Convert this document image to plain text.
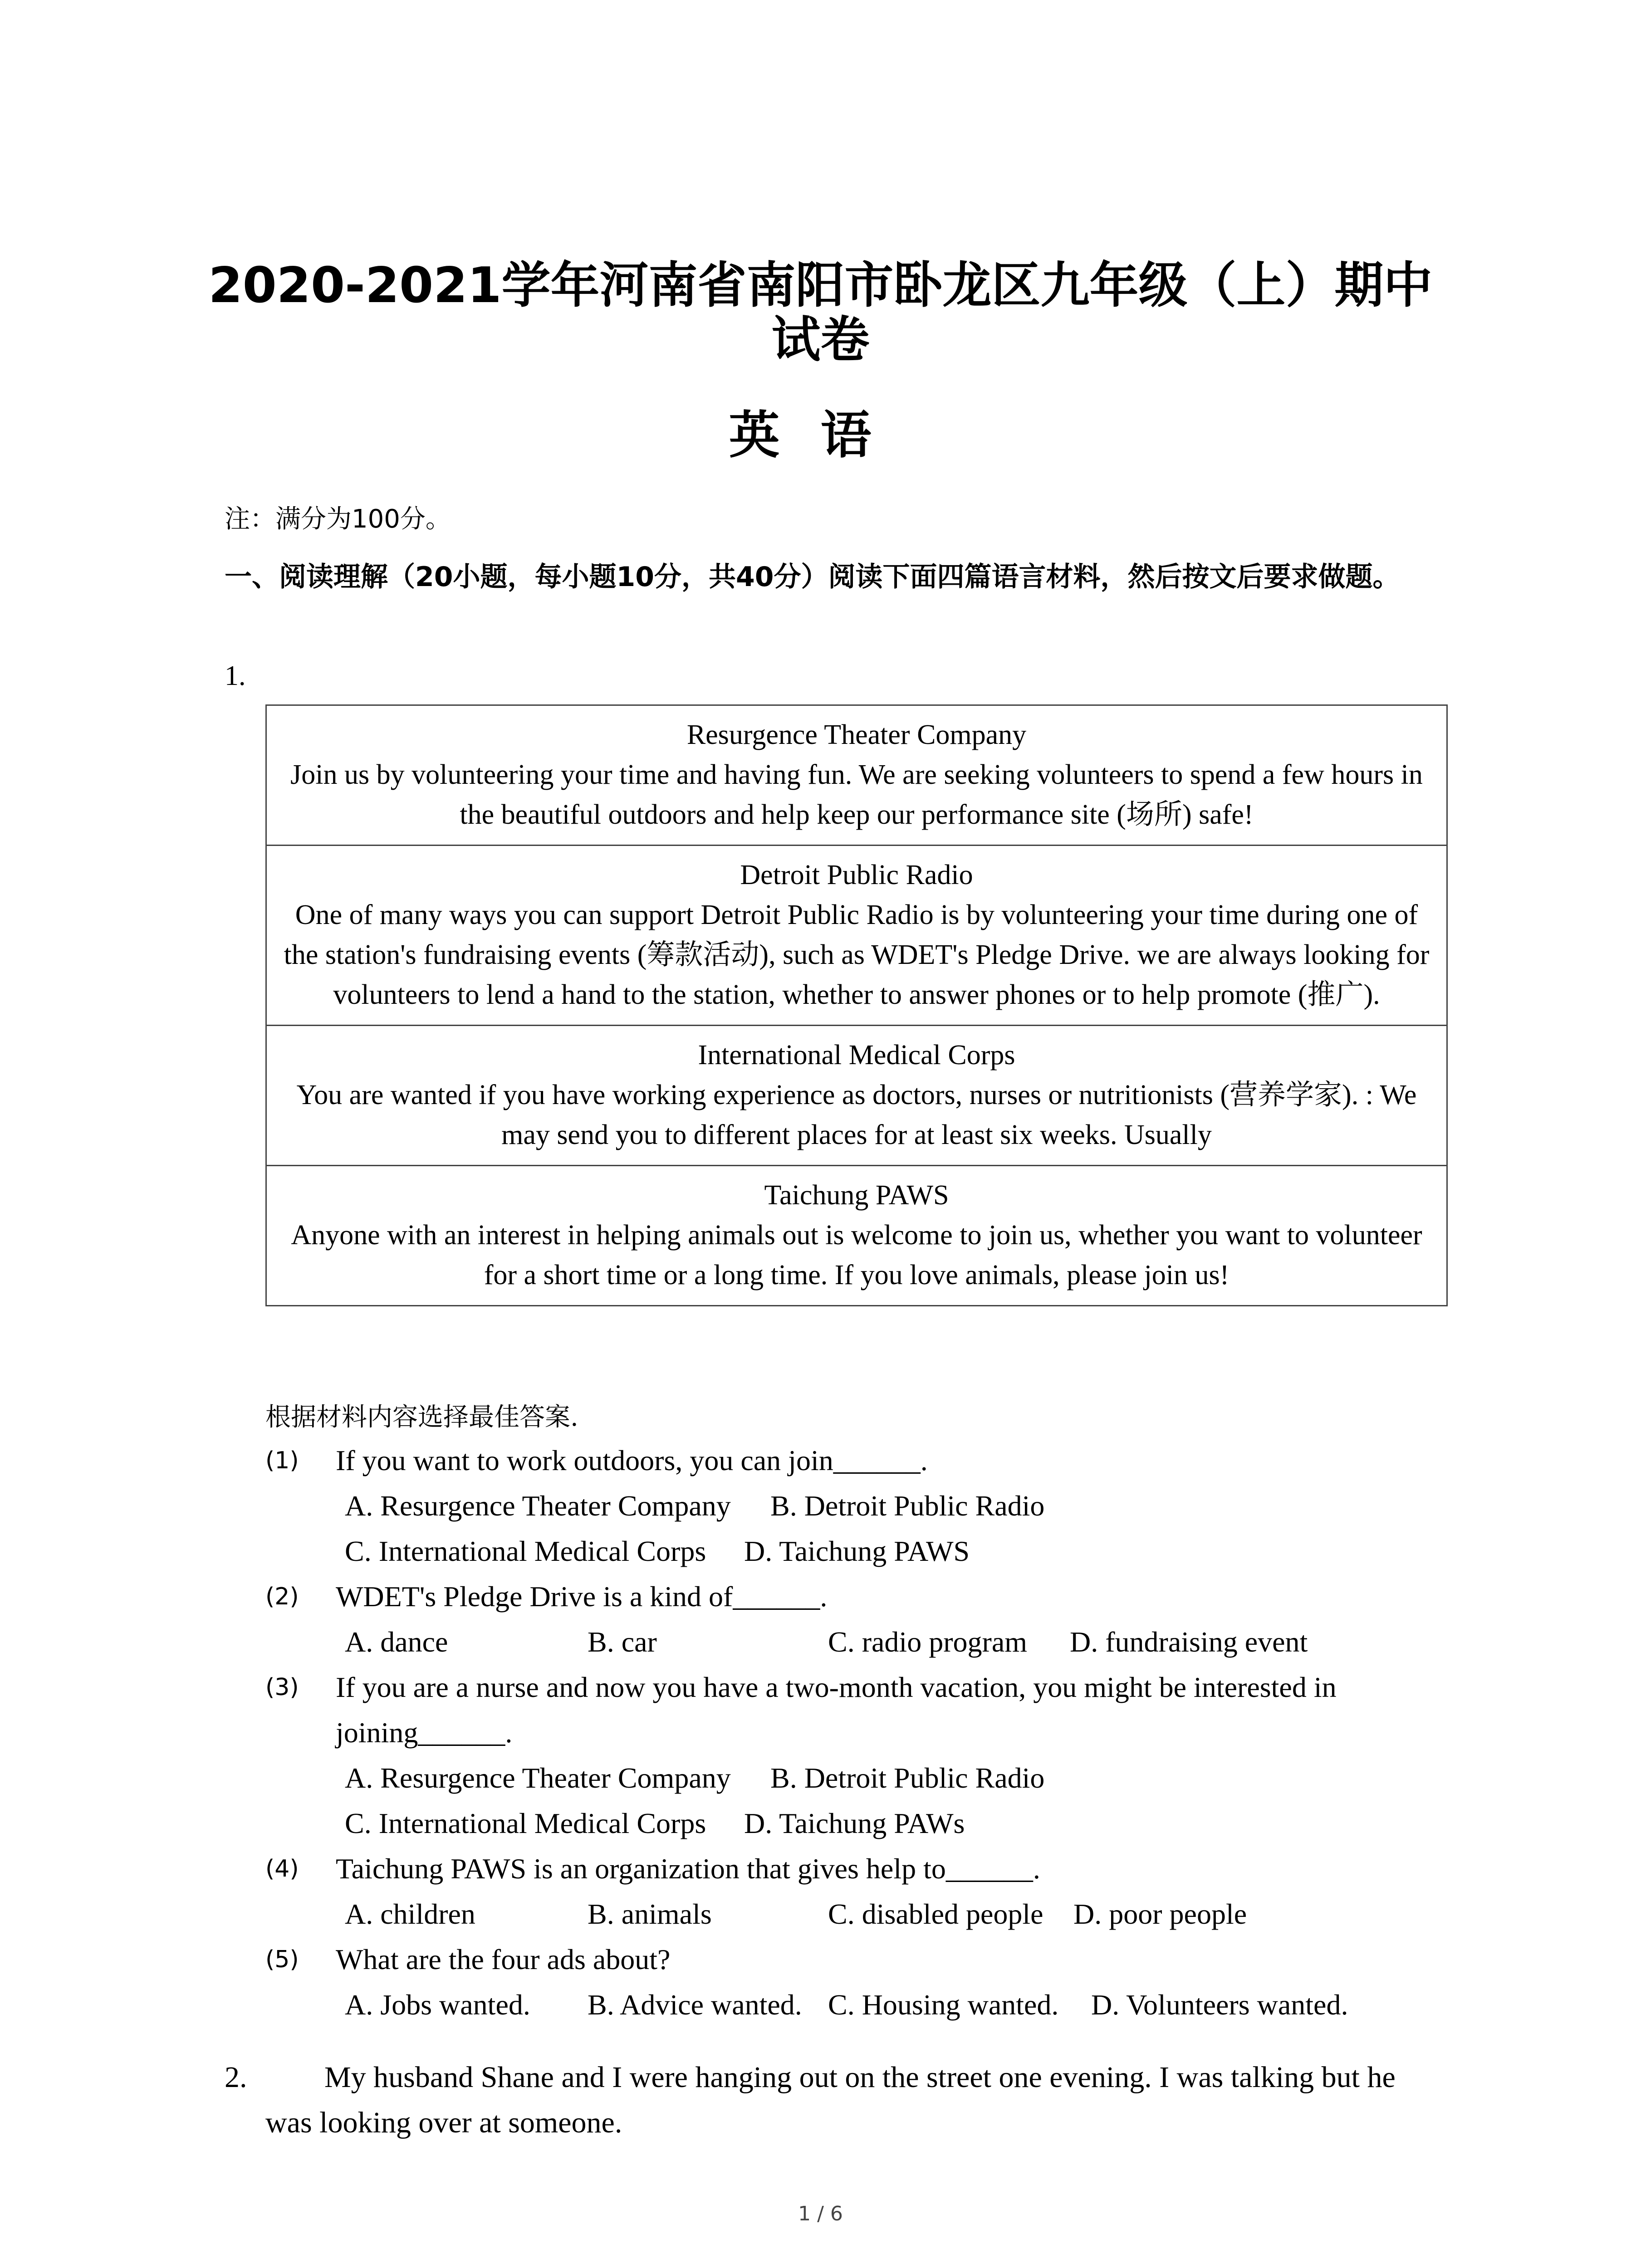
2020-2021学年河南省南阳市卧龙区九年级（上）期中
试卷
英语
注：满分为100分。
一、阅读理解（20小题，每小题10分，共40分）阅读下面四篇语言材料，然后按文后要求做题。
1.
Resurgence Theater Company
Join us by volunteering your time and having fun. We are seeking volunteers to spend a few hours in the beautiful outdoors and help keep our performance site (场所) safe!
Detroit Public Radio
One of many ways you can support Detroit Public Radio is by volunteering your time during one of the station's fundraising events (筹款活动), such as WDET's Pledge Drive. we are always looking for volunteers to lend a hand to the station, whether to answer phones or to help promote (推广).
International Medical Corps
You are wanted if you have working experience as doctors, nurses or nutritionists (营养学家). : We may send you to different places for at least six weeks. Usually
Taichung PAWS
Anyone with an interest in helping animals out is welcome to join us, whether you want to volunteer for a short time or a long time. If you love animals, please join us!
根据材料内容选择最佳答案.
(1) If you want to work outdoors, you can join______.
A. Resurgence Theater Company B. Detroit Public Radio
C. International Medical Corps D. Taichung PAWS
(2) WDET's Pledge Drive is a kind of______.
A. dance	B. car	C. radio program D. fundraising event
(3) If you are a nurse and now you have a two-month vacation, you might be interested in joining______.
A. Resurgence Theater Company B. Detroit Public Radio
C. International Medical Corps D. Taichung PAWs
(4) Taichung PAWS is an organization that gives help to______.
A. children	B. animals	C. disabled people D. poor people
(5) What are the four ads about?
A. Jobs wanted. B. Advice wanted. C. Housing wanted. D. Volunteers wanted.
2.	My husband Shane and I were hanging out on the street one evening. I was talking but he
was looking over at someone.
1 / 6
